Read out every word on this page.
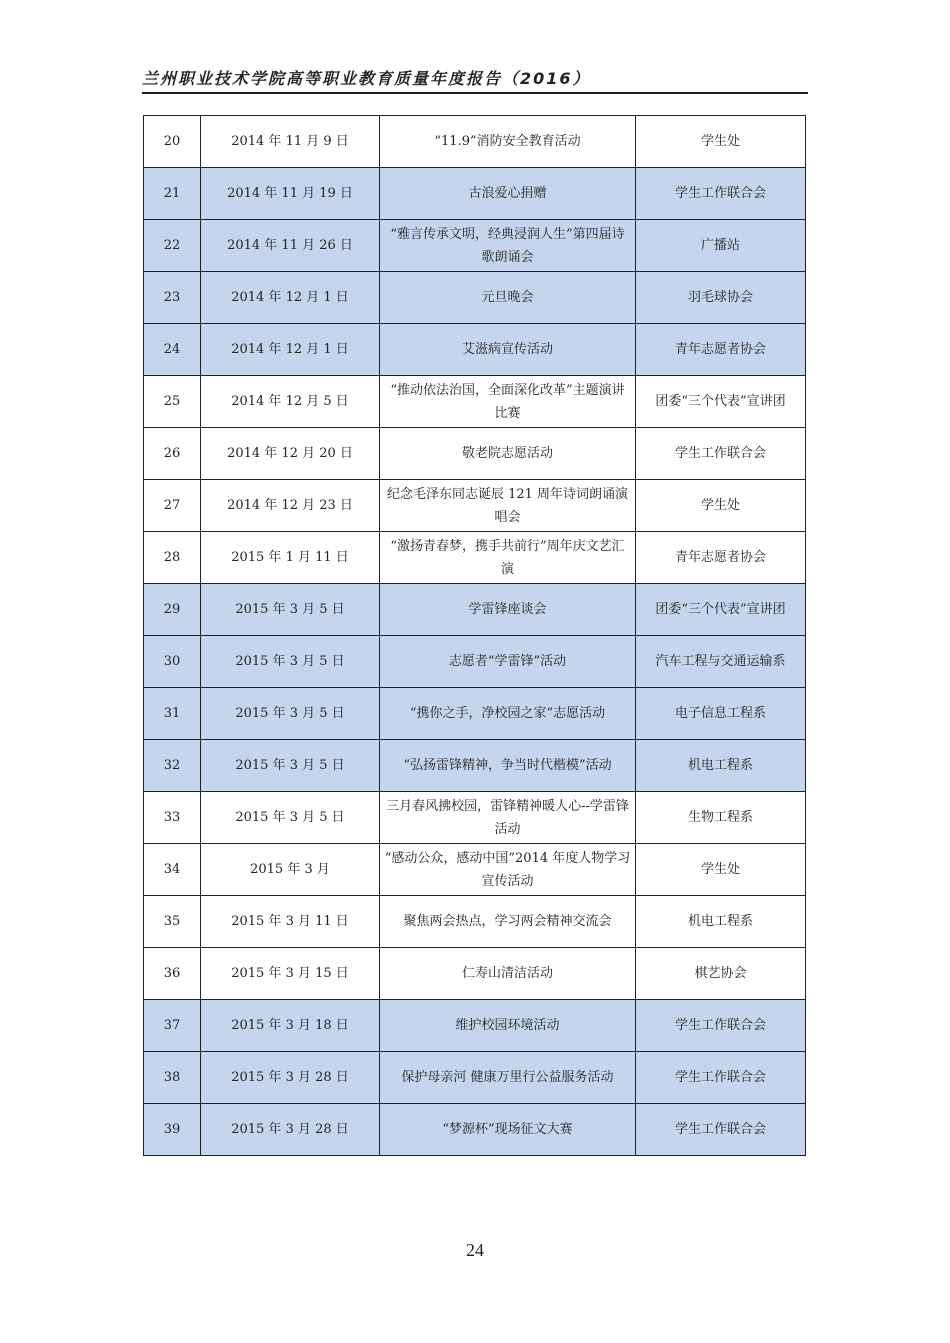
兰州职业技术学院高等职业教育质量年度报告（2016）
20	2014 年 11 月 9 日	“11.9”消防安全教育活动	学生处
21	2014 年 11 月 19 日	古浪爱心捐赠	学生工作联合会
22	2014 年 11 月 26 日	“雅言传承文明，经典浸润人生”第四届诗歌朗诵会	广播站
23	2014 年 12 月 1 日	元旦晚会	羽毛球协会
24	2014 年 12 月 1 日	艾滋病宣传活动	青年志愿者协会
25	2014 年 12 月 5 日	“推动依法治国，全面深化改革”主题演讲比赛	团委“三个代表”宣讲团
26	2014 年 12 月 20 日	敬老院志愿活动	学生工作联合会
27	2014 年 12 月 23 日	纪念毛泽东同志诞辰 121 周年诗词朗诵演唱会	学生处
28	2015 年 1 月 11 日	“激扬青春梦，携手共前行”周年庆文艺汇演	青年志愿者协会
29	2015 年 3 月 5 日	学雷锋座谈会	团委“三个代表”宣讲团
30	2015 年 3 月 5 日	志愿者“学雷锋”活动	汽车工程与交通运输系
31	2015 年 3 月 5 日	“携你之手，净校园之家”志愿活动	电子信息工程系
32	2015 年 3 月 5 日	“弘扬雷锋精神，争当时代楷模”活动	机电工程系
33	2015 年 3 月 5 日	三月春风拂校园，雷锋精神暖人心--学雷锋活动	生物工程系
34	2015 年 3 月	“感动公众，感动中国”2014 年度人物学习宣传活动	学生处
35	2015 年 3 月 11 日	聚焦两会热点，学习两会精神交流会	机电工程系
36	2015 年 3 月 15 日	仁寿山清洁活动	棋艺协会
37	2015 年 3 月 18 日	维护校园环境活动	学生工作联合会
38	2015 年 3 月 28 日	保护母亲河 健康万里行公益服务活动	学生工作联合会
39	2015 年 3 月 28 日	“梦源杯”现场征文大赛	学生工作联合会
24
